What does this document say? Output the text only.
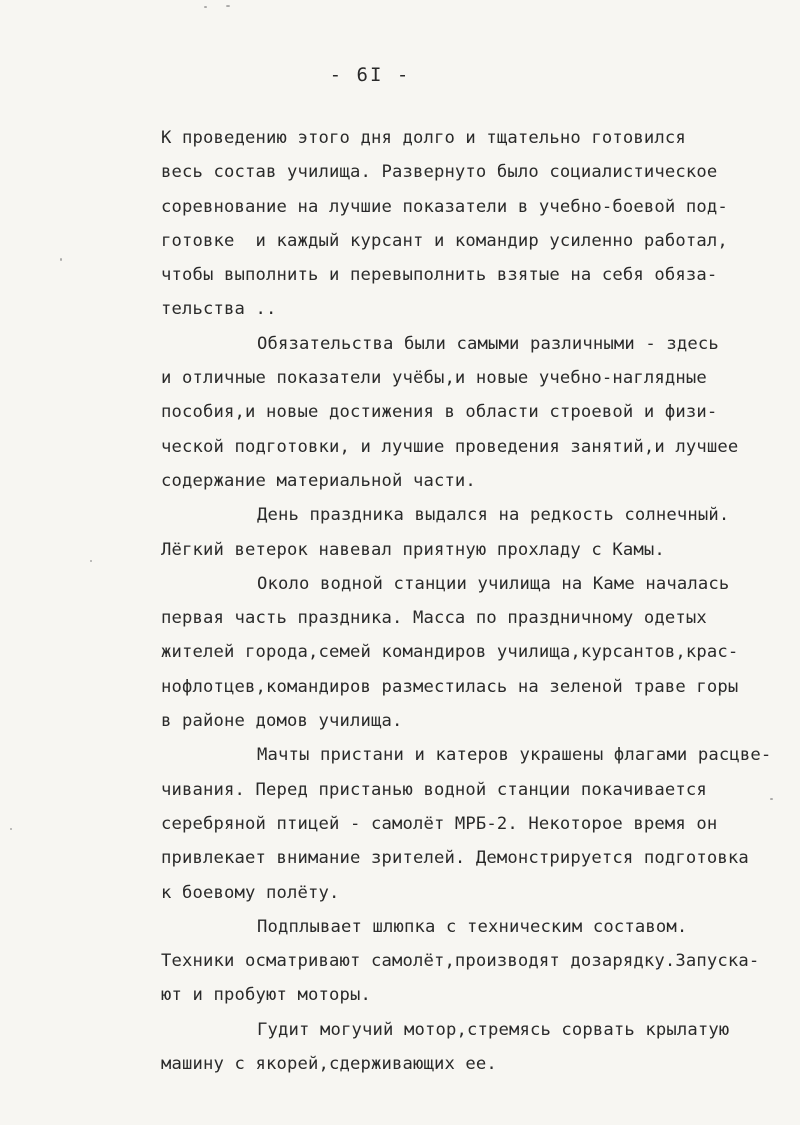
- 6I -
К проведению этого дня долго и тщательно готовился
весь состав училища. Развернуто было социалистическое
соревнование на лучшие показатели в учебно-боевой под-
готовке  и каждый курсант и командир усиленно работал,
чтобы выполнить и перевыполнить взятые на себя обяза-
тельства ..
Обязательства были самыми различными - здесь
и отличные показатели учёбы,и новые учебно-наглядные
пособия,и новые достижения в области строевой и физи-
ческой подготовки, и лучшие проведения занятий,и лучшее
содержание материальной части.
День праздника выдался на редкость солнечный.
Лёгкий ветерок навевал приятную прохладу с Камы.
Около водной станции училища на Каме началась
первая часть праздника. Масса по праздничному одетых
жителей города,семей командиров училища,курсантов,крас-
нофлотцев,командиров разместилась на зеленой траве горы
в районе домов училища.
Мачты пристани и катеров украшены флагами расцве-
чивания. Перед пристанью водной станции покачивается
серебряной птицей - самолёт МРБ-2. Некоторое время он
привлекает внимание зрителей. Демонстрируется подготовка
к боевому полёту.
Подплывает шлюпка с техническим составом.
Техники осматривают самолёт,производят дозарядку.Запуска-
ют и пробуют моторы.
Гудит могучий мотор,стремясь сорвать крылатую
машину с якорей,сдерживающих ее.
